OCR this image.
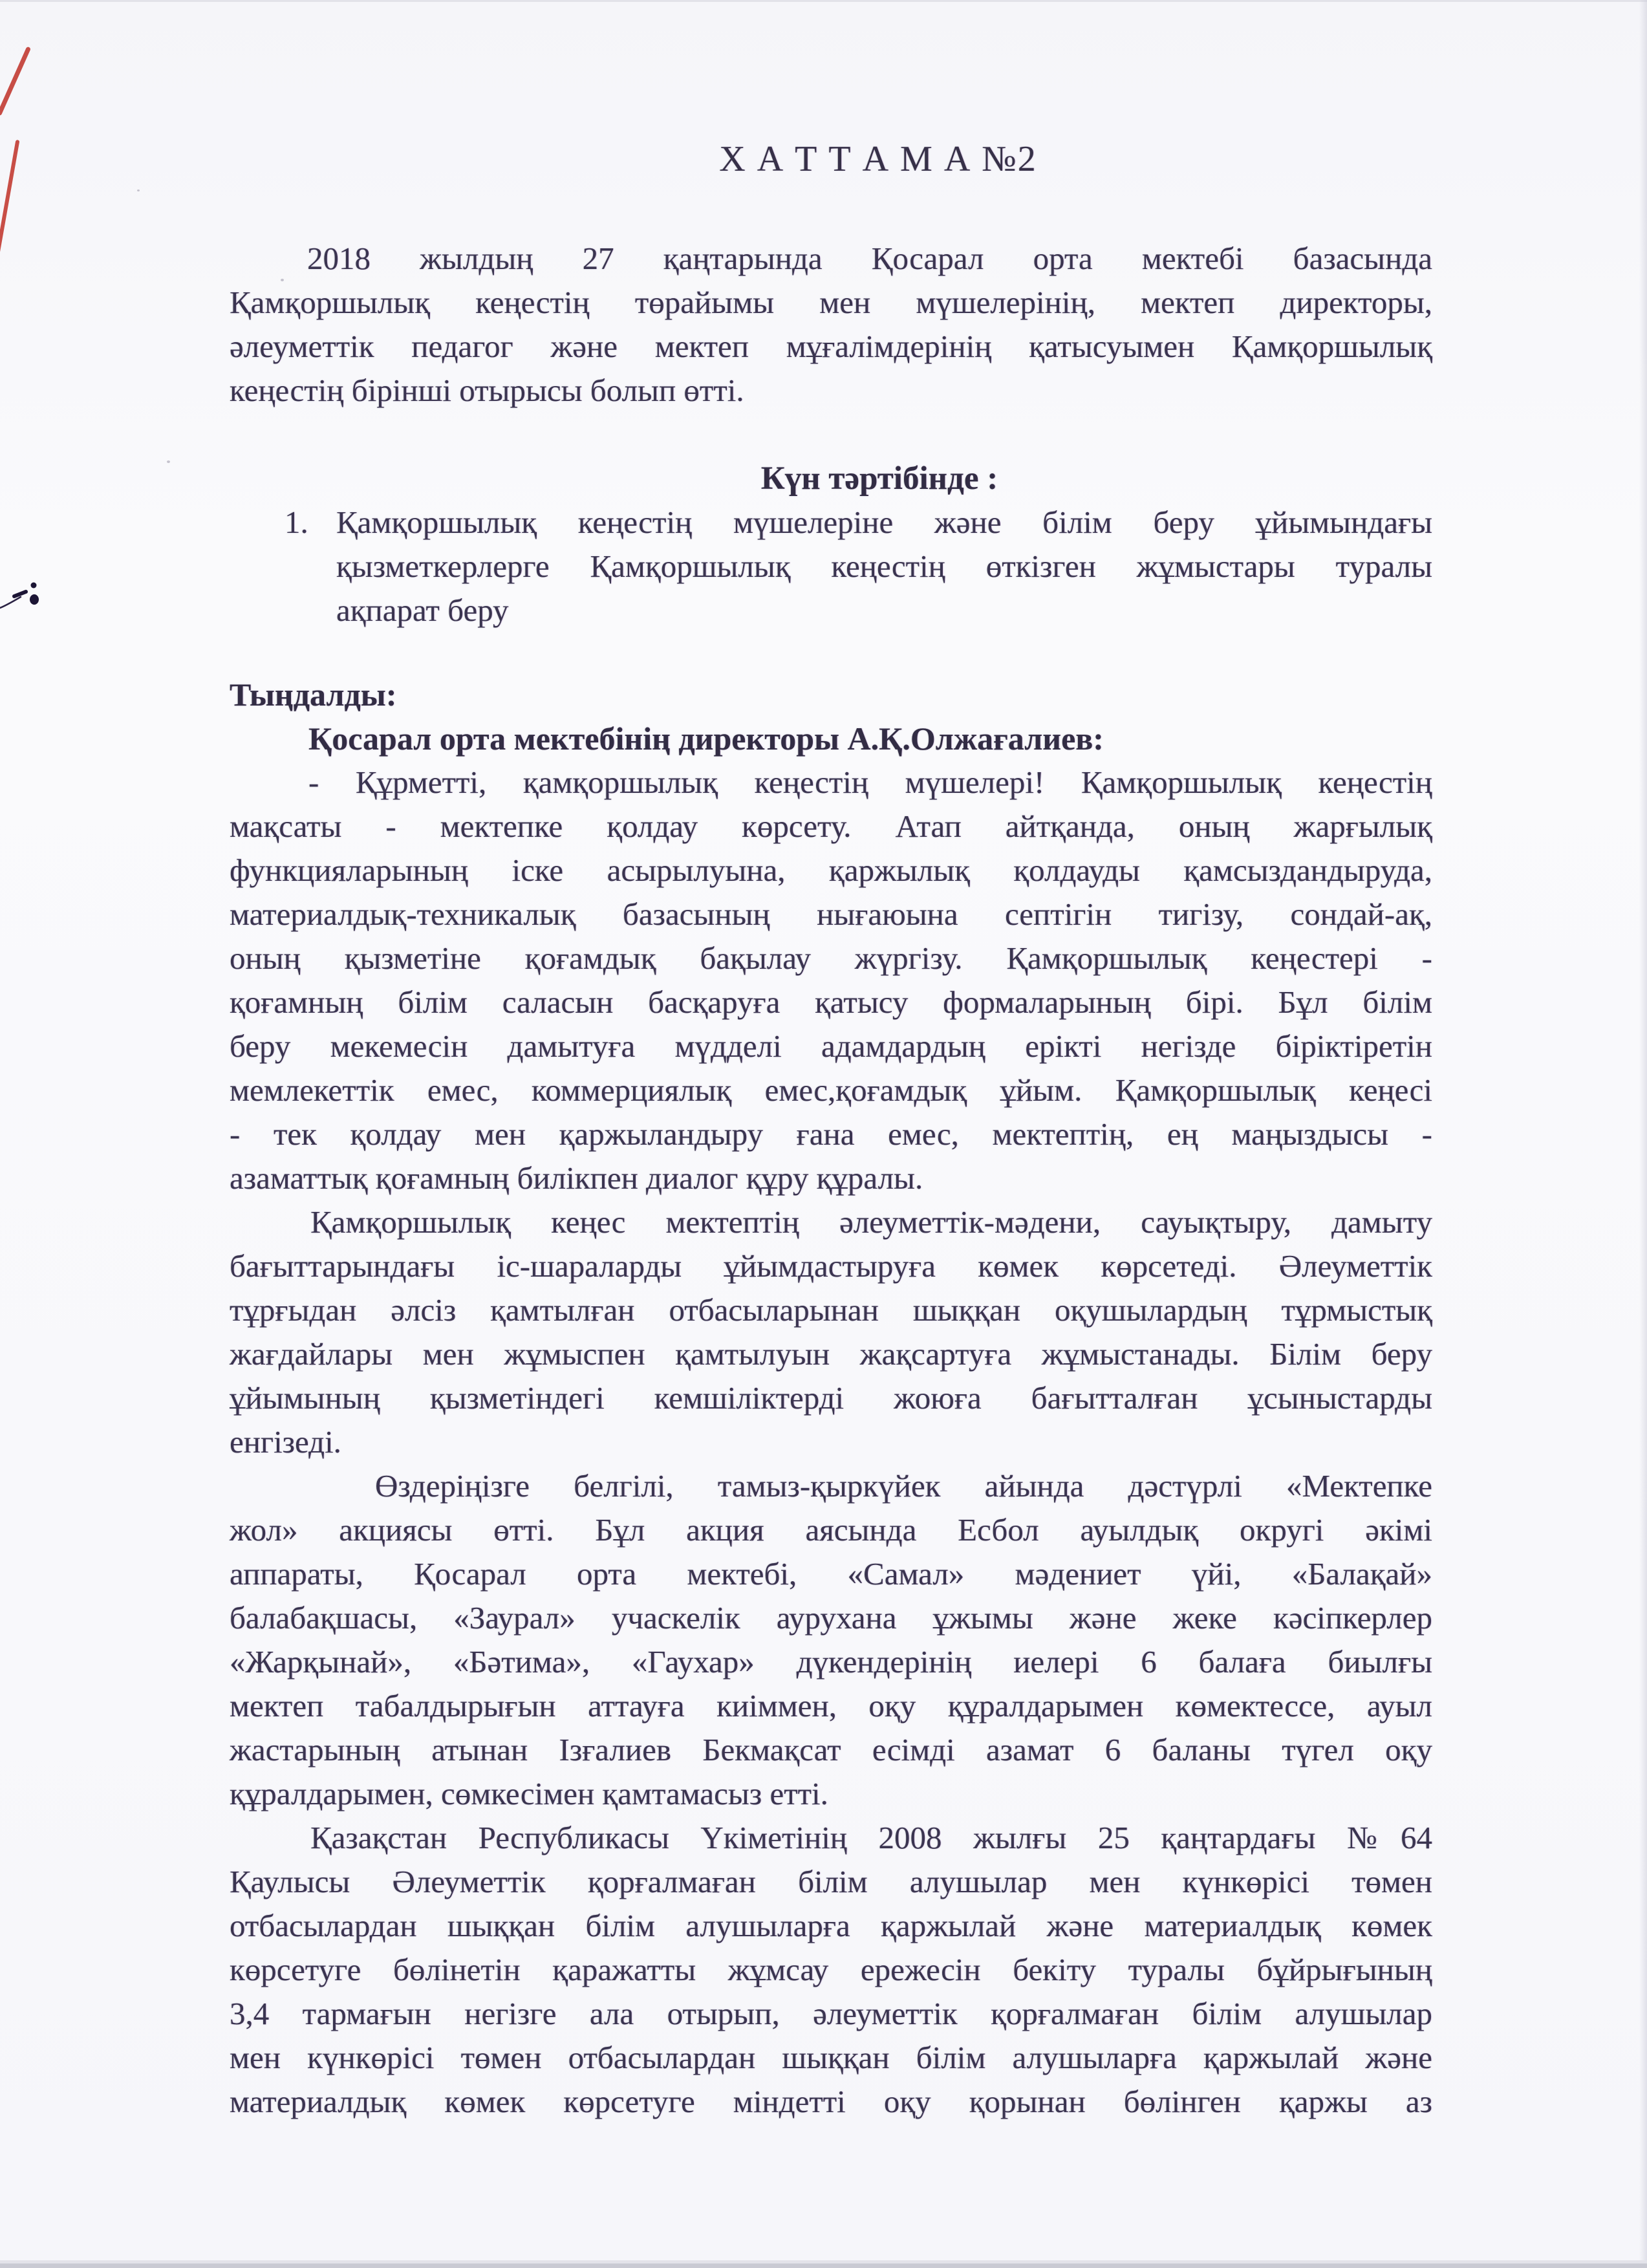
Х А Т Т А М А №2
2018 жылдың 27 қаңтарында Қосарал орта мектебі базасында
Қамқоршылық кеңестің төрайымы мен мүшелерінің, мектеп директоры,
әлеуметтік педагог және мектеп мұғалімдерінің қатысуымен Қамқоршылық
кеңестің бірінші отырысы болып өтті.
Күн тәртібінде :
1. Қамқоршылық кеңестің мүшелеріне және білім беру ұйымындағы
қызметкерлерге Қамқоршылық кеңестің өткізген жұмыстары туралы
ақпарат беру
Тыңдалды:
Қосарал орта мектебінің директоры А.Қ.Олжағалиев:
- Құрметті, қамқоршылық кеңестің мүшелері! Қамқоршылық кеңестің
мақсаты - мектепке қолдау көрсету. Атап айтқанда, оның жарғылық
функцияларының іске асырылуына, қаржылық қолдауды қамсыздандыруда,
материалдық-техникалық базасының нығаюына септігін тигізу, сондай-ақ,
оның қызметіне қоғамдық бақылау жүргізу. Қамқоршылық кеңестері -
қоғамның білім саласын басқаруға қатысу формаларының бірі. Бұл білім
беру мекемесін дамытуға мүдделі адамдардың ерікті негізде біріктіретін
мемлекеттік емес, коммерциялық емес,қоғамдық ұйым. Қамқоршылық кеңесі
- тек қолдау мен қаржыландыру ғана емес, мектептің, ең маңыздысы -
азаматтық қоғамның билікпен диалог құру құралы.
Қамқоршылық кеңес мектептің әлеуметтік-мәдени, сауықтыру, дамыту
бағыттарындағы іс-шараларды ұйымдастыруға көмек көрсетеді. Әлеуметтік
тұрғыдан әлсіз қамтылған отбасыларынан шыққан оқушылардың тұрмыстық
жағдайлары мен жұмыспен қамтылуын жақсартуға жұмыстанады. Білім беру
ұйымының қызметіндегі кемшіліктерді жоюға бағытталған ұсыныстарды
енгізеді.
Өздеріңізге белгілі, тамыз-қыркүйек айында дәстүрлі «Мектепке
жол» акциясы өтті. Бұл акция аясында Есбол ауылдық округі әкімі
аппараты, Қосарал орта мектебі, «Самал» мәдениет үйі, «Балақай»
балабақшасы, «Заурал» учаскелік аурухана ұжымы және жеке кәсіпкерлер
«Жарқынай», «Бәтима», «Гаухар» дүкендерінің иелері 6 балаға биылғы
мектеп табалдырығын аттауға киіммен, оқу құралдарымен көмектессе, ауыл
жастарының атынан Ізғалиев Бекмақсат есімді азамат 6 баланы түгел оқу
құралдарымен, сөмкесімен қамтамасыз етті.
Қазақстан Республикасы Үкіметінің 2008 жылғы 25 қаңтардағы №64
Қаулысы Әлеуметтік қорғалмаған білім алушылар мен күнкөрісі төмен
отбасылардан шыққан білім алушыларға қаржылай және материалдық көмек
көрсетуге бөлінетін қаражатты жұмсау ережесін бекіту туралы бұйрығының
3,4 тармағын негізге ала отырып, әлеуметтік қорғалмаған білім алушылар
мен күнкөрісі төмен отбасылардан шыққан білім алушыларға қаржылай және
материалдық көмек көрсетуге міндетті оқу қорынан бөлінген қаржы аз
